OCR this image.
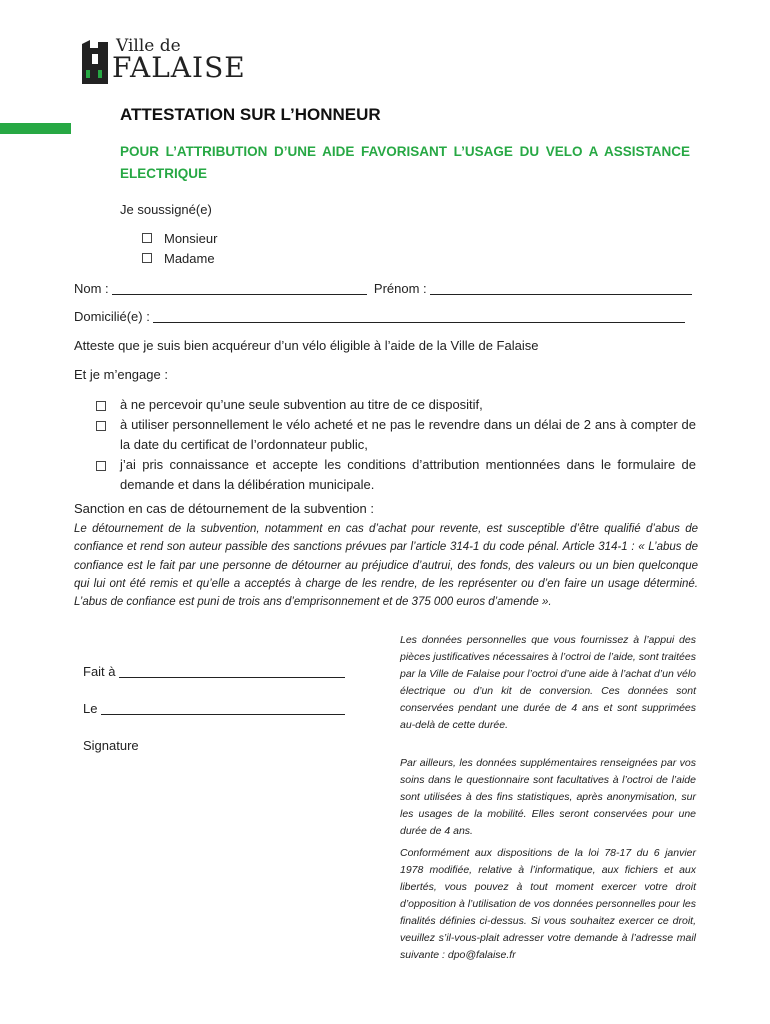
Ville de
FALAISE
ATTESTATION SUR L’HONNEUR
POUR L’ATTRIBUTION D’UNE AIDE FAVORISANT L’USAGE DU VELO A ASSISTANCE ELECTRIQUE
Je soussigné(e)
Monsieur
Madame
Nom :	Prénom :
Domicilié(e) :
Atteste que je suis bien acquéreur d’un vélo éligible à l’aide de la Ville de Falaise
Et je m’engage :
à ne percevoir qu’une seule subvention au titre de ce dispositif,
à utiliser personnellement le vélo acheté et ne pas le revendre dans un délai de 2 ans à compter de la date du certificat de l’ordonnateur public,
j’ai pris connaissance et accepte les conditions d’attribution mentionnées dans le formulaire de demande et dans la délibération municipale.
Sanction en cas de détournement de la subvention :
Le détournement de la subvention, notamment en cas d’achat pour revente, est susceptible d’être qualifié d’abus de confiance et rend son auteur passible des sanctions prévues par l’article 314-1 du code pénal. Article 314-1 : « L’abus de confiance est le fait par une personne de détourner au préjudice d’autrui, des fonds, des valeurs ou un bien quelconque qui lui ont été remis et qu’elle a acceptés à charge de les rendre, de les représenter ou d’en faire un usage déterminé. L’abus de confiance est puni de trois ans d’emprisonnement et de 375 000 euros d’amende ».
Fait à
Le
Signature
Les données personnelles que vous fournissez à l’appui des pièces justificatives nécessaires à l’octroi de l’aide, sont traitées par la Ville de Falaise pour l’octroi d’une aide à l’achat d’un vélo électrique ou d’un kit de conversion. Ces données sont conservées pendant une durée de 4 ans et sont supprimées au-delà de cette durée.
Par ailleurs, les données supplémentaires renseignées par vos soins dans le questionnaire sont facultatives à l’octroi de l’aide sont utilisées à des fins statistiques, après anonymisation, sur les usages de la mobilité. Elles seront conservées pour une durée de 4 ans.
Conformément aux dispositions de la loi 78-17 du 6 janvier 1978 modifiée, relative à l’informatique, aux fichiers et aux libertés, vous pouvez à tout moment exercer votre droit d’opposition à l’utilisation de vos données personnelles pour les finalités définies ci-dessus. Si vous souhaitez exercer ce droit, veuillez s’il-vous-plait adresser votre demande à l’adresse mail suivante : dpo@falaise.fr
